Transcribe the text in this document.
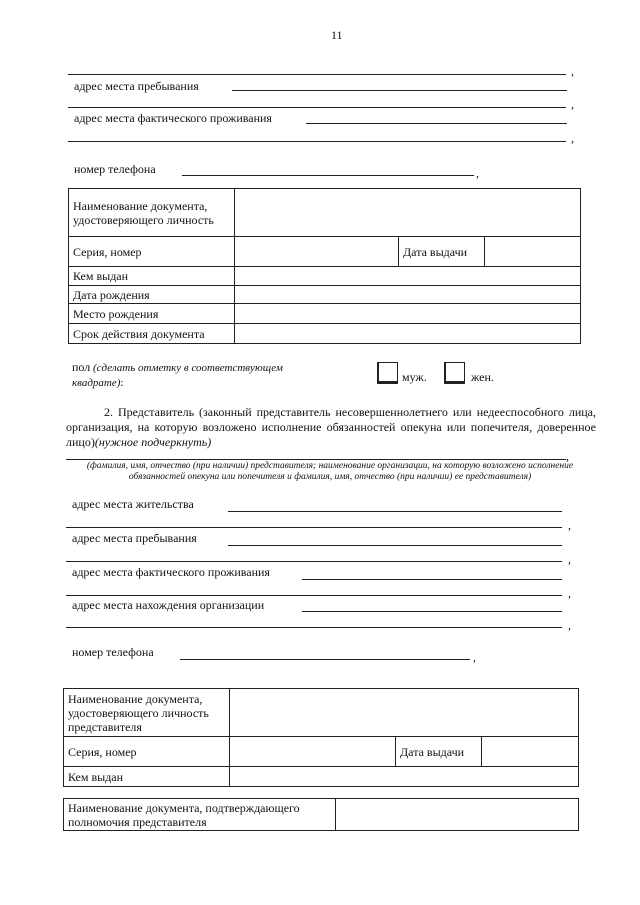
11
,
адрес места пребывания
,
адрес места фактического проживания
,
номер телефона	,
Наименование документа, удостоверяющего личность			
Серия, номер		Дата выдачи	
Кем выдан			
Дата рождения			
Место рождения			
Срок действия документа			
пол (сделать отметку в соответствующем квадрате):	муж.	жен.
2. Представитель (законный представитель несовершеннолетнего или недееспособного лица, организация, на которую возложено исполнение обязанностей опекуна или попечителя, доверенное лицо)(нужное подчеркнуть)
,
(фамилия, имя, отчество (при наличии) представителя; наименование организации, на которую возложено исполнение обязанностей опекуна или попечителя и фамилия, имя, отчество (при наличии) ее представителя)
адрес места жительства
,
адрес места пребывания
,
адрес места фактического проживания
,
адрес места нахождения организации
,
номер телефона	,
Наименование документа, удостоверяющего личность представителя			
Серия, номер		Дата выдачи	
Кем выдан			
Наименование документа, подтверждающего полномочия представителя	
